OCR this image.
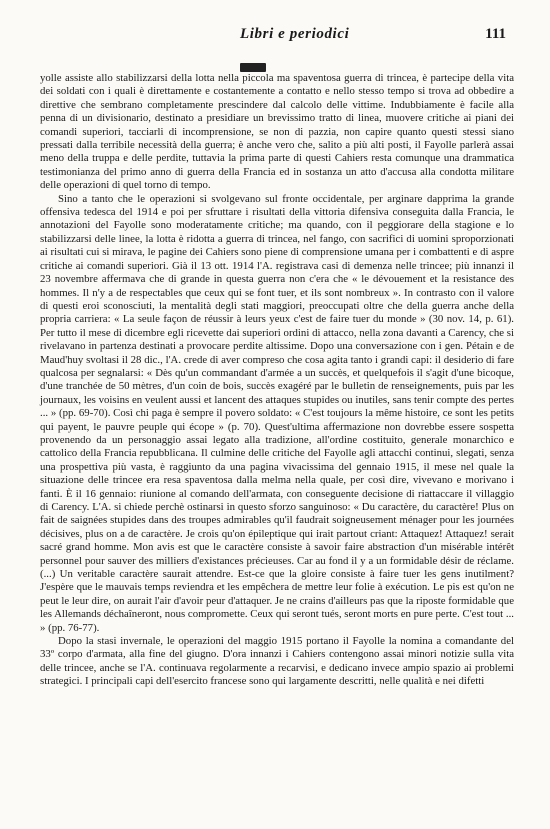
Libri e periodici	111

yolle assiste allo stabilizzarsi della lotta nella piccola ma spaventosa guerra di trincea, è partecipe della vita dei soldati con i quali è direttamente e costantemente a contatto e nello stesso tempo si trova ad obbedire a direttive che sembrano completamente prescindere dal calcolo delle vittime. Indubbiamente è facile alla penna di un divisionario, destinato a presidiare un brevissimo tratto di linea, muovere critiche ai piani dei comandi superiori, tacciarli di incomprensione, se non di pazzia, non capire quanto questi stessi siano pressati dalla terribile necessità della guerra; è anche vero che, salito a più alti posti, il Fayolle parlerà assai meno della truppa e delle perdite, tuttavia la prima parte di questi Cahiers resta comunque una drammatica testimonianza del primo anno di guerra della Francia ed in sostanza un atto d'accusa alla condotta militare delle operazioni di quel torno di tempo.

Sino a tanto che le operazioni si svolgevano sul fronte occidentale, per arginare dapprima la grande offensiva tedesca del 1914 e poi per sfruttare i risultati della vittoria difensiva conseguita dalla Francia, le annotazioni del Fayolle sono moderatamente critiche; ma quando, con il peggiorare della stagione e lo stabilizzarsi delle linee, la lotta è ridotta a guerra di trincea, nel fango, con sacrifici di uomini sproporzionati ai risultati cui si mirava, le pagine dei Cahiers sono piene di comprensione umana per i combattenti e di aspre critiche ai comandi superiori. Già il 13 ott. 1914 l'A. registrava casi di demenza nelle trincee; più innanzi il 23 novembre affermava che di grande in questa guerra non c'era che « le dévouement et la resistance des hommes. Il n'y a de respectables que ceux qui se font tuer, et ils sont nombreux ». In contrasto con il valore di questi eroi sconosciuti, la mentalità degli stati maggiori, preoccupati oltre che della guerra anche della propria carriera: « La seule façon de réussir à leurs yeux c'est de faire tuer du monde » (30 nov. 14, p. 61). Per tutto il mese di dicembre egli ricevette dai superiori ordini di attacco, nella zona davanti a Carency, che si rivelavano in partenza destinati a provocare perdite altissime. Dopo una conversazione con i gen. Pétain e de Maud'huy svoltasi il 28 dic., l'A. crede di aver compreso che cosa agita tanto i grandi capi: il desiderio di fare qualcosa per segnalarsi: « Dès qu'un commandant d'armée a un succès, et quelquefois il s'agit d'une bicoque, d'une tranchée de 50 mètres, d'un coin de bois, succès exagéré par le bulletin de renseignements, puis par les journaux, les voisins en veulent aussi et lancent des attaques stupides ou inutiles, sans tenir compte des pertes ... » (pp. 69-70). Così chi paga è sempre il povero soldato: « C'est toujours la même histoire, ce sont les petits qui payent, le pauvre peuple qui écope » (p. 70). Quest'ultima affermazione non dovrebbe essere sospetta provenendo da un personaggio assai legato alla tradizione, all'ordine costituito, generale monarchico e cattolico della Francia repubblicana. Il culmine delle critiche del Fayolle agli attacchi continui, slegati, senza una prospettiva più vasta, è raggiunto da una pagina vivacissima del gennaio 1915, il mese nel quale la situazione delle trincee era resa spaventosa dalla melma nella quale, per così dire, vivevano e morivano i fanti. È il 16 gennaio: riunione al comando dell'armata, con conseguente decisione di riattaccare il villaggio di Carency. L'A. si chiede perchè ostinarsi in questo sforzo sanguinoso: « Du caractère, du caractère! Plus on fait de saignées stupides dans des troupes admirables qu'il faudrait soigneusement ménager pour les journées décisives, plus on a de caractère. Je crois qu'on épileptique qui irait partout criant: Attaquez! Attaquez! serait sacré grand homme. Mon avis est que le caractère consiste à savoir faire abstraction d'un misérable intérêt personnel pour sauver des milliers d'existances précieuses. Car au fond il y a un formidable désir de réclame. (...) Un veritable caractère saurait attendre. Est-ce que la gloire consiste à faire tuer les gens inutilment? J'espère que le mauvais temps reviendra et les empêchera de mettre leur folie à exécution. Le pis est qu'on ne peut le leur dire, on aurait l'air d'avoir peur d'attaquer. Je ne crains d'ailleurs pas que la riposte formidable que les Allemands déchaîneront, nous compromette. Ceux qui seront tués, seront morts en pure perte. C'est tout ... » (pp. 76-77).

Dopo la stasi invernale, le operazioni del maggio 1915 portano il Fayolle la nomina a comandante del 33º corpo d'armata, alla fine del giugno. D'ora innanzi i Cahiers contengono assai minori notizie sulla vita delle trincee, anche se l'A. continuava regolarmente a recarvisi, e dedicano invece ampio spazio ai problemi strategici. I principali capi dell'esercito francese sono qui largamente descritti, nelle qualità e nei difetti
